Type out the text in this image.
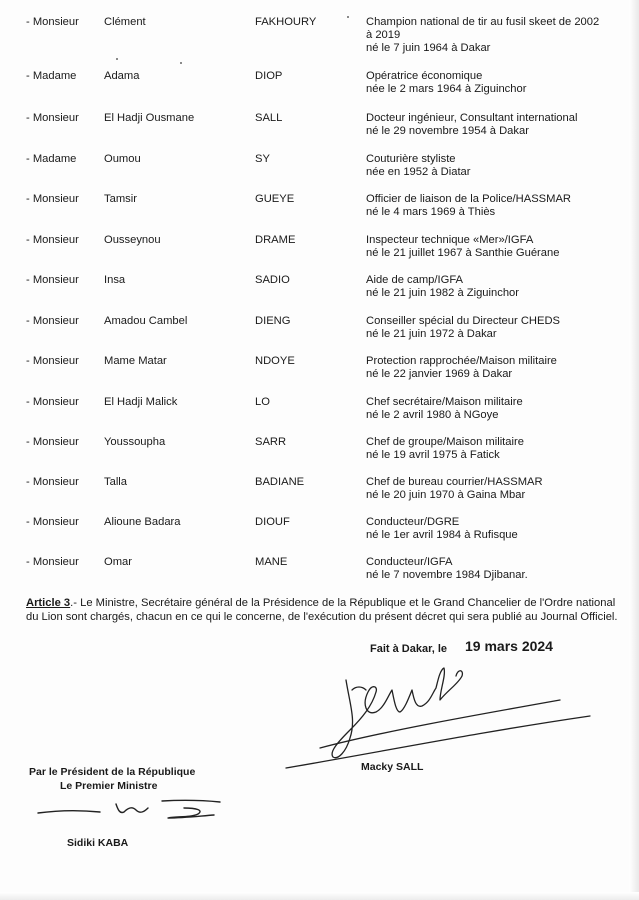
- Monsieur Clément	FAKHOURY	Champion national de tir au fusil skeet de 2002
à 2019
né le 7 juin 1964 à Dakar
- Madame Adama	DIOP	Opératrice économique
née le 2 mars 1964 à Ziguinchor
- Monsieur El Hadji Ousmane	SALL	Docteur ingénieur, Consultant international
né le 29 novembre 1954 à Dakar
- Madame Oumou	SY	Couturière styliste
née en 1952 à Diatar
- Monsieur Tamsir	GUEYE	Officier de liaison de la Police/HASSMAR
né le 4 mars 1969 à Thiès
- Monsieur Ousseynou	DRAME	Inspecteur technique «Mer»/IGFA
né le 21 juillet 1967 à Santhie Guérane
- Monsieur Insa	SADIO	Aide de camp/IGFA
né le 21 juin 1982 à Ziguinchor
- Monsieur Amadou Cambel	DIENG	Conseiller spécial du Directeur CHEDS
né le 21 juin 1972 à Dakar
- Monsieur Mame Matar	NDOYE	Protection rapprochée/Maison militaire
né le 22 janvier 1969 à Dakar
- Monsieur El Hadji Malick	LO	Chef secrétaire/Maison militaire
né le 2 avril 1980 à NGoye
- Monsieur Youssoupha	SARR	Chef de groupe/Maison militaire
né le 19 avril 1975 à Fatick
- Monsieur Talla	BADIANE	Chef de bureau courrier/HASSMAR
né le 20 juin 1970 à Gaina Mbar
- Monsieur Alioune Badara	DIOUF	Conducteur/DGRE
né le 1er avril 1984 à Rufisque
- Monsieur Omar	MANE	Conducteur/IGFA
né le 7 novembre 1984 Djibanar.
Article 3.- Le Ministre, Secrétaire général de la Présidence de la République et le Grand Chancelier de l'Ordre national du Lion sont chargés, chacun en ce qui le concerne, de l'exécution du présent décret qui sera publié au Journal Officiel.
Fait à Dakar, le 19 mars 2024
Macky SALL
Par le Président de la République
Le Premier Ministre
Sidiki KABA
